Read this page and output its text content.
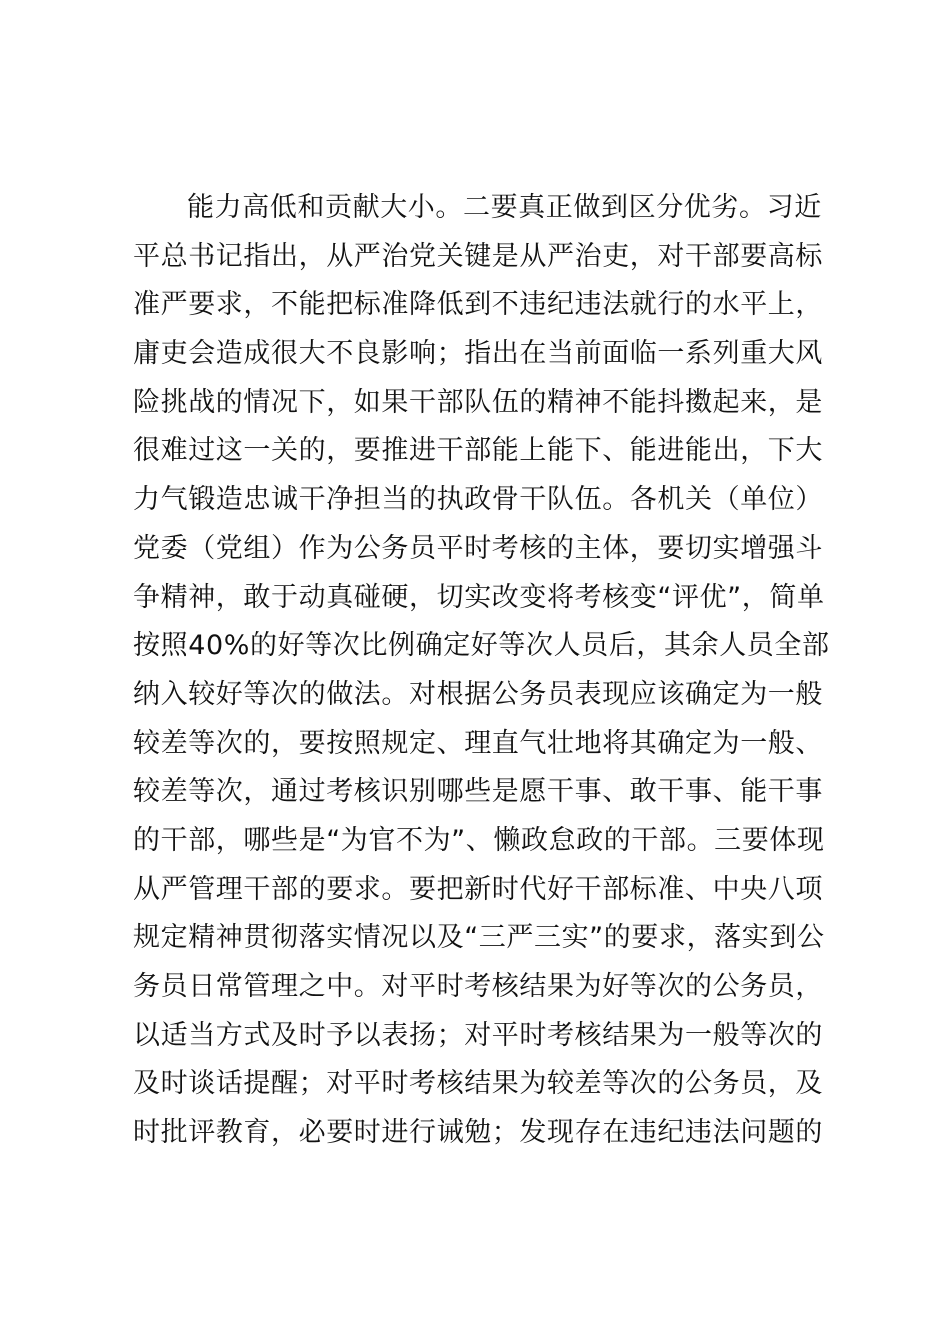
能力高低和贡献大小。二要真正做到区分优劣。习近
平总书记指出，从严治党关键是从严治吏，对干部要高标
准严要求，不能把标准降低到不违纪违法就行的水平上，
庸吏会造成很大不良影响；指出在当前面临一系列重大风
险挑战的情况下，如果干部队伍的精神不能抖擞起来，是
很难过这一关的，要推进干部能上能下、能进能出，下大
力气锻造忠诚干净担当的执政骨干队伍。各机关（单位）
党委（党组）作为公务员平时考核的主体，要切实增强斗
争精神，敢于动真碰硬，切实改变将考核变“评优”，简单
按照40%的好等次比例确定好等次人员后，其余人员全部
纳入较好等次的做法。对根据公务员表现应该确定为一般
较差等次的，要按照规定、理直气壮地将其确定为一般、
较差等次，通过考核识别哪些是愿干事、敢干事、能干事
的干部，哪些是“为官不为”、懒政怠政的干部。三要体现
从严管理干部的要求。要把新时代好干部标准、中央八项
规定精神贯彻落实情况以及“三严三实”的要求，落实到公
务员日常管理之中。对平时考核结果为好等次的公务员，
以适当方式及时予以表扬；对平时考核结果为一般等次的
及时谈话提醒；对平时考核结果为较差等次的公务员，及
时批评教育，必要时进行诫勉；发现存在违纪违法问题的
